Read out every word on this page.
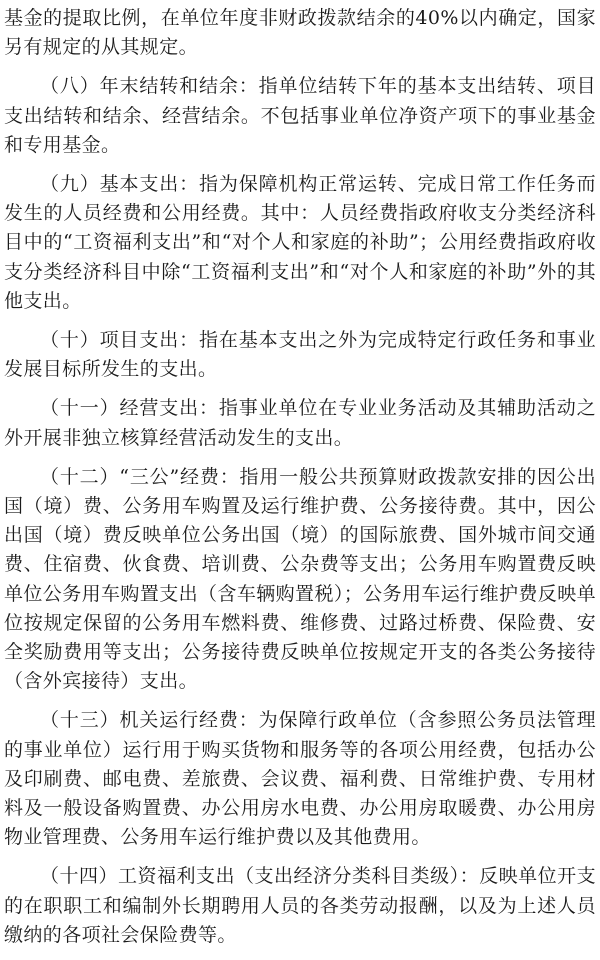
基金的提取比例，在单位年度非财政拨款结余的40%以内确定，国家另有规定的从其规定。

（八）年末结转和结余：指单位结转下年的基本支出结转、项目支出结转和结余、经营结余。不包括事业单位净资产项下的事业基金和专用基金。

（九）基本支出：指为保障机构正常运转、完成日常工作任务而发生的人员经费和公用经费。其中：人员经费指政府收支分类经济科目中的“工资福利支出”和“对个人和家庭的补助”；公用经费指政府收支分类经济科目中除“工资福利支出”和“对个人和家庭的补助”外的其他支出。

（十）项目支出：指在基本支出之外为完成特定行政任务和事业发展目标所发生的支出。

（十一）经营支出：指事业单位在专业业务活动及其辅助活动之外开展非独立核算经营活动发生的支出。

（十二）“三公”经费：指用一般公共预算财政拨款安排的因公出国（境）费、公务用车购置及运行维护费、公务接待费。其中，因公出国（境）费反映单位公务出国（境）的国际旅费、国外城市间交通费、住宿费、伙食费、培训费、公杂费等支出；公务用车购置费反映单位公务用车购置支出（含车辆购置税）；公务用车运行维护费反映单位按规定保留的公务用车燃料费、维修费、过路过桥费、保险费、安全奖励费用等支出；公务接待费反映单位按规定开支的各类公务接待（含外宾接待）支出。

（十三）机关运行经费：为保障行政单位（含参照公务员法管理的事业单位）运行用于购买货物和服务等的各项公用经费，包括办公及印刷费、邮电费、差旅费、会议费、福利费、日常维护费、专用材料及一般设备购置费、办公用房水电费、办公用房取暖费、办公用房物业管理费、公务用车运行维护费以及其他费用。

（十四）工资福利支出（支出经济分类科目类级）：反映单位开支的在职职工和编制外长期聘用人员的各类劳动报酬，以及为上述人员缴纳的各项社会保险费等。
